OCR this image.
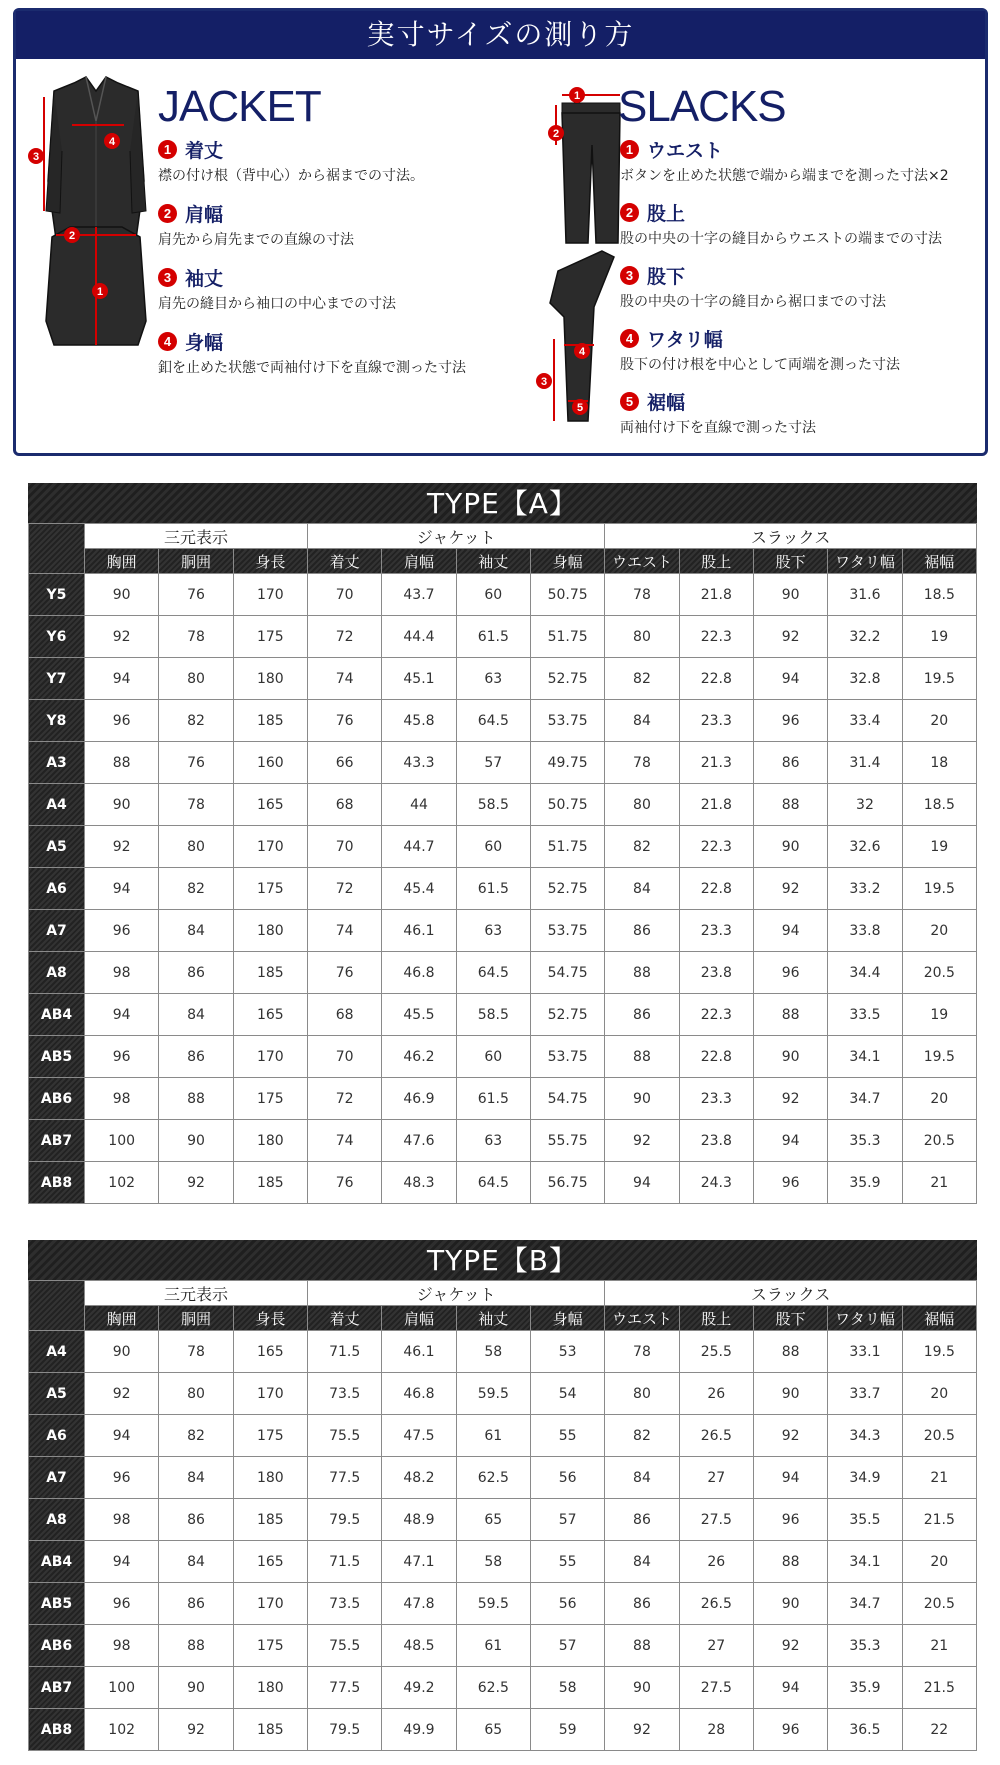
実寸サイズの測り方
3
4
2
1
JACKET
1 着丈
襟の付け根（背中心）から裾までの寸法。
2 肩幅
肩先から肩先までの直線の寸法
3 袖丈
肩先の縫目から袖口の中心までの寸法
4 身幅
釦を止めた状態で両袖付け下を直線で測った寸法
1
2
3
4
5
SLACKS
1 ウエスト
ボタンを止めた状態で端から端までを測った寸法×2
2 股上
股の中央の十字の縫目からウエストの端までの寸法
3 股下
股の中央の十字の縫目から裾口までの寸法
4 ワタリ幅
股下の付け根を中心として両端を測った寸法
5 裾幅
両袖付け下を直線で測った寸法
TYPE【A】
	三元表示			ジャケット				スラックス				
	胸囲	胴囲	身長	着丈	肩幅	袖丈	身幅	ウエスト	股上	股下	ワタリ幅	裾幅
Y5	90	76	170	70	43.7	60	50.75	78	21.8	90	31.6	18.5
Y6	92	78	175	72	44.4	61.5	51.75	80	22.3	92	32.2	19
Y7	94	80	180	74	45.1	63	52.75	82	22.8	94	32.8	19.5
Y8	96	82	185	76	45.8	64.5	53.75	84	23.3	96	33.4	20
A3	88	76	160	66	43.3	57	49.75	78	21.3	86	31.4	18
A4	90	78	165	68	44	58.5	50.75	80	21.8	88	32	18.5
A5	92	80	170	70	44.7	60	51.75	82	22.3	90	32.6	19
A6	94	82	175	72	45.4	61.5	52.75	84	22.8	92	33.2	19.5
A7	96	84	180	74	46.1	63	53.75	86	23.3	94	33.8	20
A8	98	86	185	76	46.8	64.5	54.75	88	23.8	96	34.4	20.5
AB4	94	84	165	68	45.5	58.5	52.75	86	22.3	88	33.5	19
AB5	96	86	170	70	46.2	60	53.75	88	22.8	90	34.1	19.5
AB6	98	88	175	72	46.9	61.5	54.75	90	23.3	92	34.7	20
AB7	100	90	180	74	47.6	63	55.75	92	23.8	94	35.3	20.5
AB8	102	92	185	76	48.3	64.5	56.75	94	24.3	96	35.9	21
TYPE【B】
	三元表示			ジャケット				スラックス				
	胸囲	胴囲	身長	着丈	肩幅	袖丈	身幅	ウエスト	股上	股下	ワタリ幅	裾幅
A4	90	78	165	71.5	46.1	58	53	78	25.5	88	33.1	19.5
A5	92	80	170	73.5	46.8	59.5	54	80	26	90	33.7	20
A6	94	82	175	75.5	47.5	61	55	82	26.5	92	34.3	20.5
A7	96	84	180	77.5	48.2	62.5	56	84	27	94	34.9	21
A8	98	86	185	79.5	48.9	65	57	86	27.5	96	35.5	21.5
AB4	94	84	165	71.5	47.1	58	55	84	26	88	34.1	20
AB5	96	86	170	73.5	47.8	59.5	56	86	26.5	90	34.7	20.5
AB6	98	88	175	75.5	48.5	61	57	88	27	92	35.3	21
AB7	100	90	180	77.5	49.2	62.5	58	90	27.5	94	35.9	21.5
AB8	102	92	185	79.5	49.9	65	59	92	28	96	36.5	22
